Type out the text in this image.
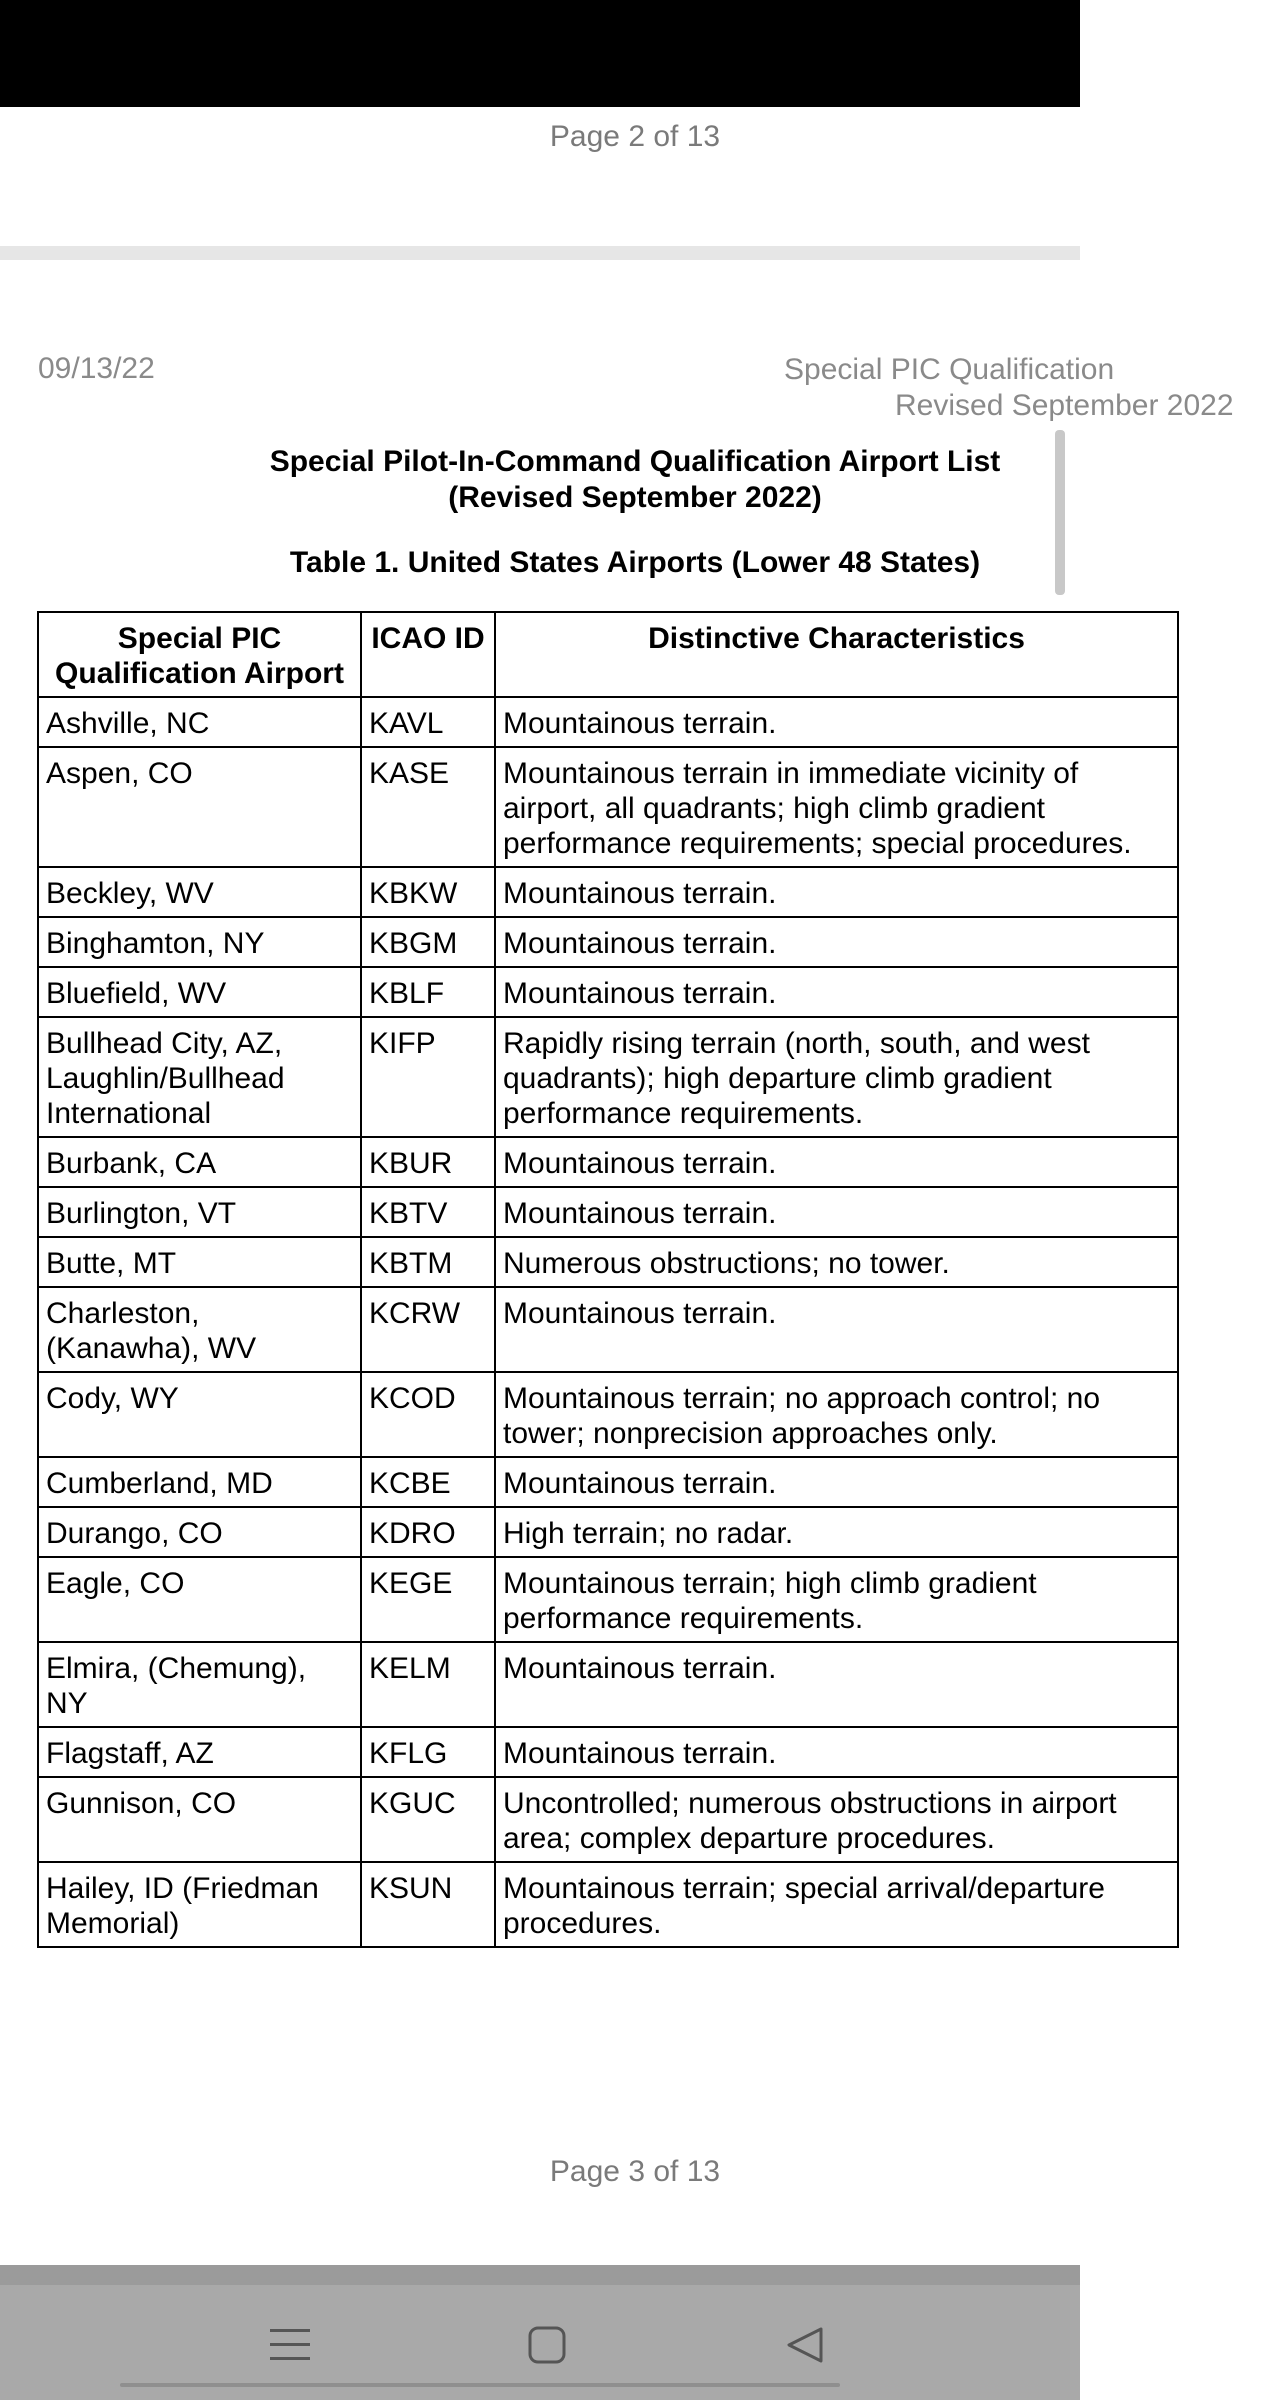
Page 2 of 13
09/13/22	Special PIC Qualification
Revised September 2022
Special Pilot-In-Command Qualification Airport List
(Revised September 2022)
Table 1. United States Airports (Lower 48 States)
Special PIC Qualification Airport	ICAO ID	Distinctive Characteristics
Ashville, NC	KAVL	Mountainous terrain.
Aspen, CO	KASE	Mountainous terrain in immediate vicinity of airport, all quadrants; high climb gradient performance requirements; special procedures.
Beckley, WV	KBKW	Mountainous terrain.
Binghamton, NY	KBGM	Mountainous terrain.
Bluefield, WV	KBLF	Mountainous terrain.
Bullhead City, AZ, Laughlin/Bullhead International	KIFP	Rapidly rising terrain (north, south, and west quadrants); high departure climb gradient performance requirements.
Burbank, CA	KBUR	Mountainous terrain.
Burlington, VT	KBTV	Mountainous terrain.
Butte, MT	KBTM	Numerous obstructions; no tower.
Charleston, (Kanawha), WV	KCRW	Mountainous terrain.
Cody, WY	KCOD	Mountainous terrain; no approach control; no tower; nonprecision approaches only.
Cumberland, MD	KCBE	Mountainous terrain.
Durango, CO	KDRO	High terrain; no radar.
Eagle, CO	KEGE	Mountainous terrain; high climb gradient performance requirements.
Elmira, (Chemung), NY	KELM	Mountainous terrain.
Flagstaff, AZ	KFLG	Mountainous terrain.
Gunnison, CO	KGUC	Uncontrolled; numerous obstructions in airport area; complex departure procedures.
Hailey, ID (Friedman Memorial)	KSUN	Mountainous terrain; special arrival/departure procedures.
Page 3 of 13
